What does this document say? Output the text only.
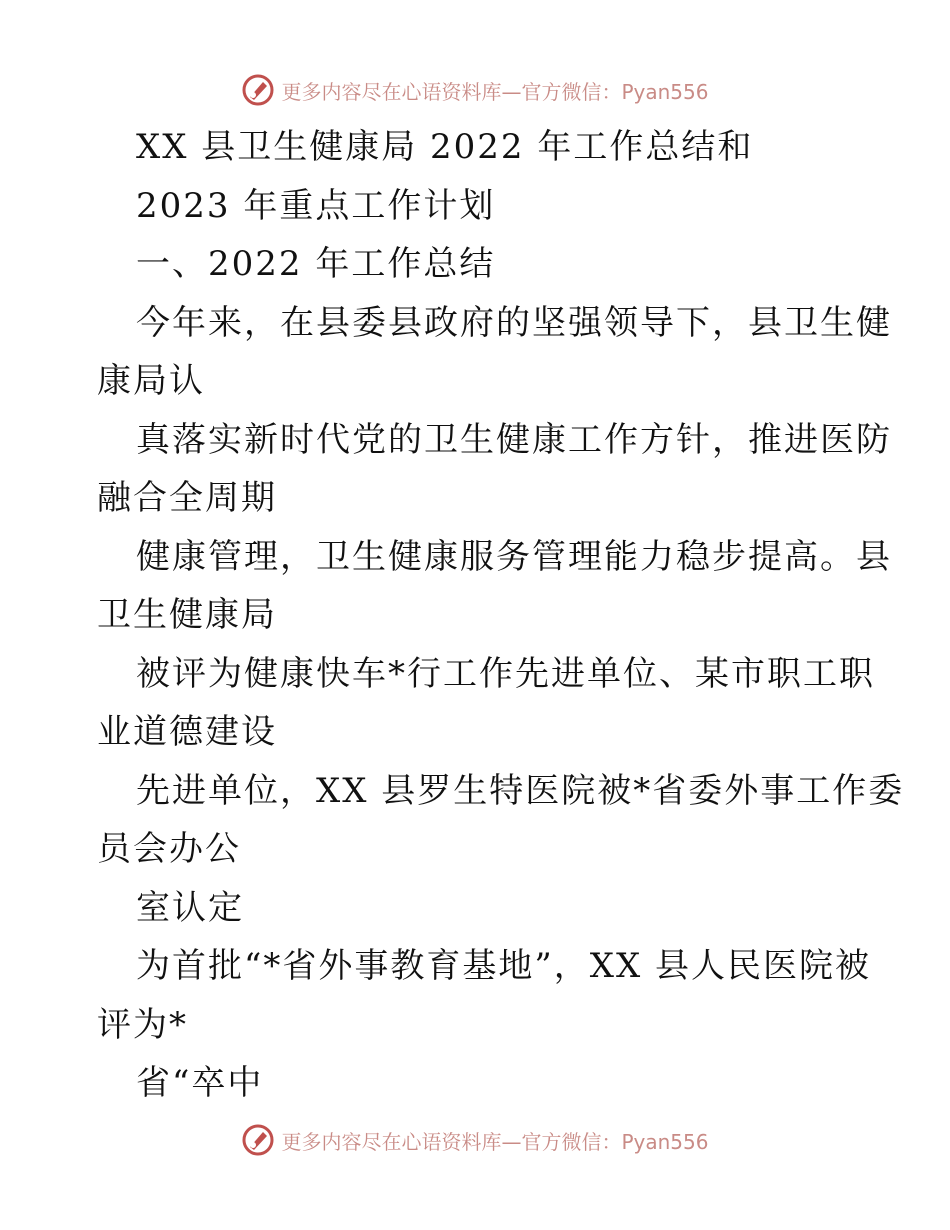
更多内容尽在心语资料库—官方微信：Pyan556
XX 县卫生健康局 2022 年工作总结和
2023 年重点工作计划
一、2022 年工作总结
今年来，在县委县政府的坚强领导下，县卫生健
康局认
真落实新时代党的卫生健康工作方针，推进医防
融合全周期
健康管理，卫生健康服务管理能力稳步提高。县
卫生健康局
被评为健康快车*行工作先进单位、某市职工职
业道德建设
先进单位，XX 县罗生特医院被*省委外事工作委
员会办公
室认定
为首批“*省外事教育基地”，XX 县人民医院被
评为*
省“卒中
更多内容尽在心语资料库—官方微信：Pyan556
